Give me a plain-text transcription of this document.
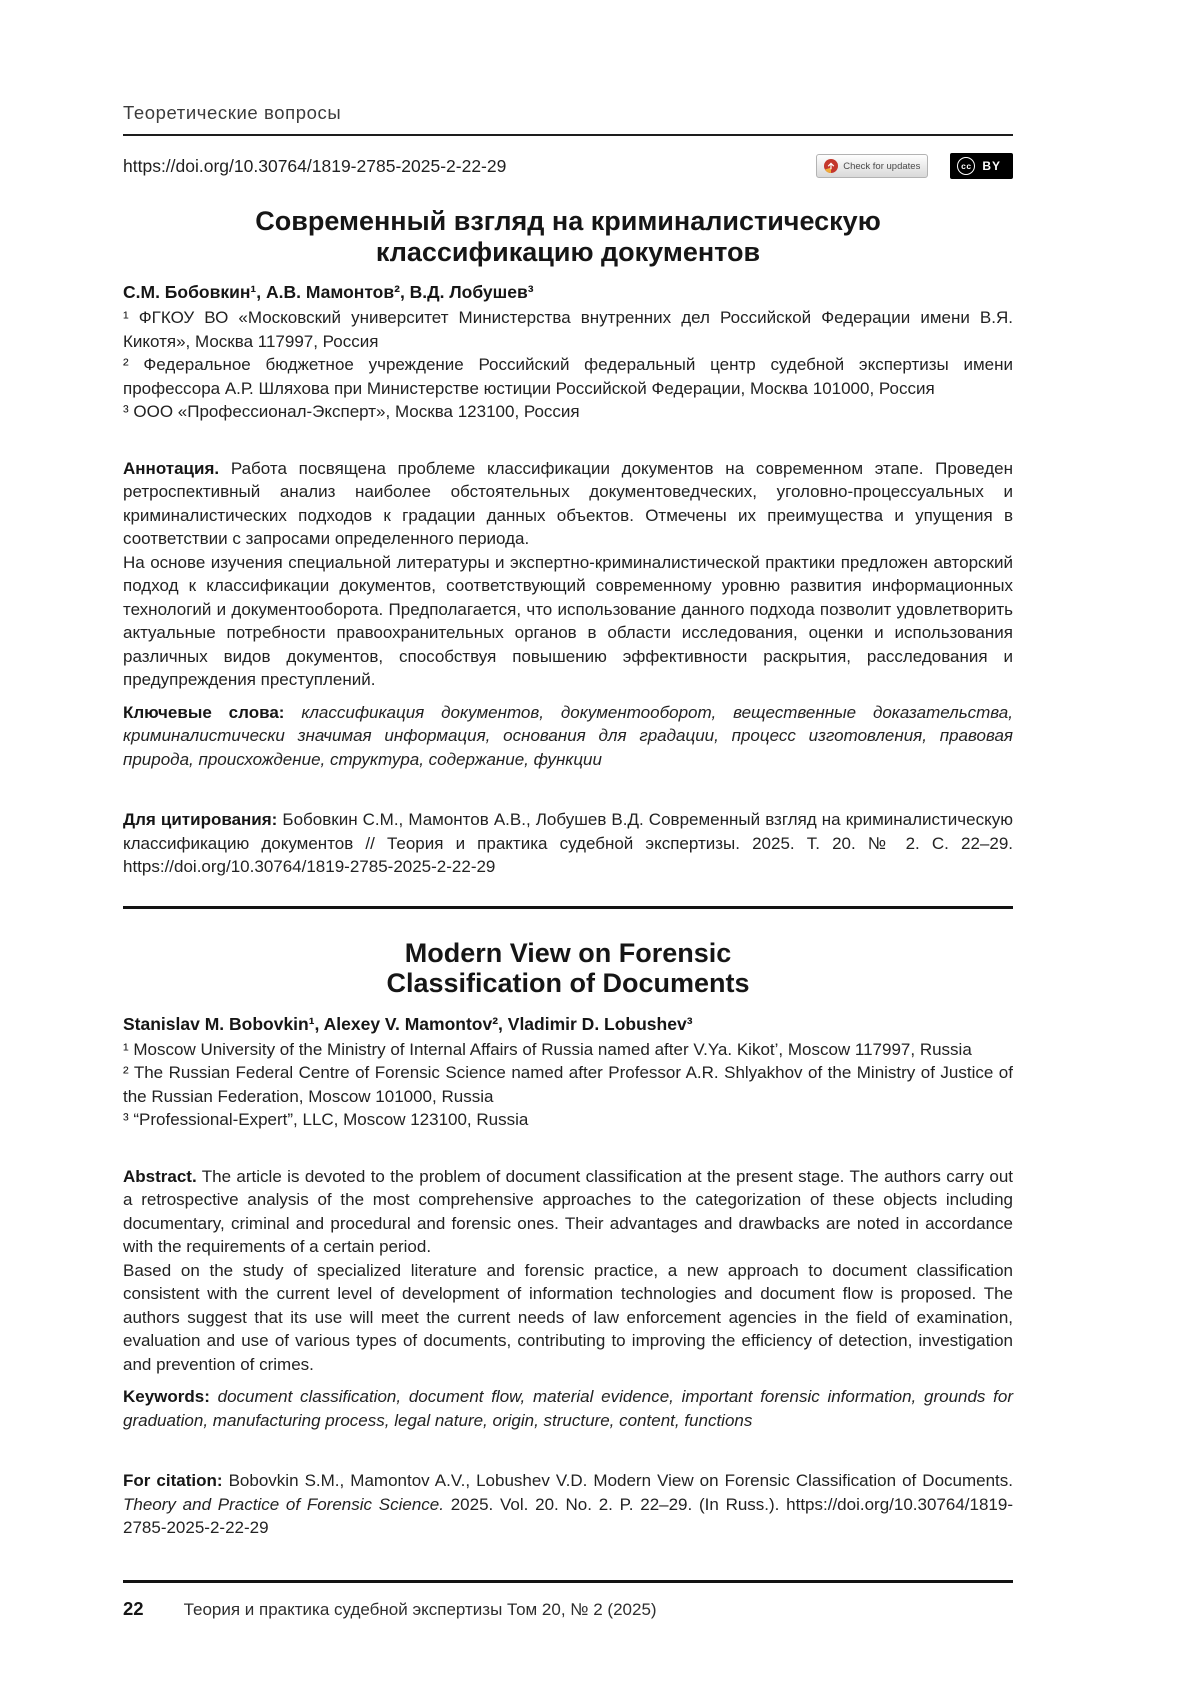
Теоретические вопросы
https://doi.org/10.30764/1819-2785-2025-2-22-29	Check for updates	cc BY
Современный взгляд на криминалистическую
классификацию документов

С.М. Бобовкин¹, А.В. Мамонтов², В.Д. Лобушев³

¹ ФГКОУ ВО «Московский университет Министерства внутренних дел Российской Федерации имени В.Я. Кикотя», Москва 117997, Россия

² Федеральное бюджетное учреждение Российский федеральный центр судебной экспертизы имени профессора А.Р. Шляхова при Министерстве юстиции Российской Федерации, Москва 101000, Россия

³ ООО «Профессионал-Эксперт», Москва 123100, Россия

Аннотация. Работа посвящена проблеме классификации документов на современном этапе. Проведен ретроспективный анализ наиболее обстоятельных документоведческих, уголовно-процессуальных и криминалистических подходов к градации данных объектов. Отмечены их преимущества и упущения в соответствии с запросами определенного периода.

На основе изучения специальной литературы и экспертно-криминалистической практики предложен авторский подход к классификации документов, соответствующий современному уровню развития информационных технологий и документооборота. Предполагается, что использование данного подхода позволит удовлетворить актуальные потребности правоохранительных органов в области исследования, оценки и использования различных видов документов, способствуя повышению эффективности раскрытия, расследования и предупреждения преступлений.

Ключевые слова: классификация документов, документооборот, вещественные доказательства, криминалистически значимая информация, основания для градации, процесс изготовления, правовая природа, происхождение, структура, содержание, функции

Для цитирования: Бобовкин С.М., Мамонтов А.В., Лобушев В.Д. Современный взгляд на криминалистическую классификацию документов // Теория и практика судебной экспертизы. 2025. Т. 20. № 2. С. 22–29. https://doi.org/10.30764/1819-2785-2025-2-22-29

Modern View on Forensic
Classification of Documents

Stanislav M. Bobovkin¹, Alexey V. Mamontov², Vladimir D. Lobushev³

¹ Moscow University of the Ministry of Internal Affairs of Russia named after V.Ya. Kikot’, Moscow 117997, Russia

² The Russian Federal Centre of Forensic Science named after Professor A.R. Shlyakhov of the Ministry of Justice of the Russian Federation, Moscow 101000, Russia

³ “Professional-Expert”, LLC, Moscow 123100, Russia

Abstract. The article is devoted to the problem of document classification at the present stage. The authors carry out a retrospective analysis of the most comprehensive approaches to the categorization of these objects including documentary, criminal and procedural and forensic ones. Their advantages and drawbacks are noted in accordance with the requirements of a certain period.

Based on the study of specialized literature and forensic practice, a new approach to document classification consistent with the current level of development of information technologies and document flow is proposed. The authors suggest that its use will meet the current needs of law enforcement agencies in the field of examination, evaluation and use of various types of documents, contributing to improving the efficiency of detection, investigation and prevention of crimes.

Keywords: document classification, document flow, material evidence, important forensic information, grounds for graduation, manufacturing process, legal nature, origin, structure, content, functions

For citation: Bobovkin S.M., Mamontov A.V., Lobushev V.D. Modern View on Forensic Classification of Documents. Theory and Practice of Forensic Science. 2025. Vol. 20. No. 2. P. 22–29. (In Russ.). https://doi.org/10.30764/1819-2785-2025-2-22-29

22 Теория и практика судебной экспертизы Том 20, № 2 (2025)
